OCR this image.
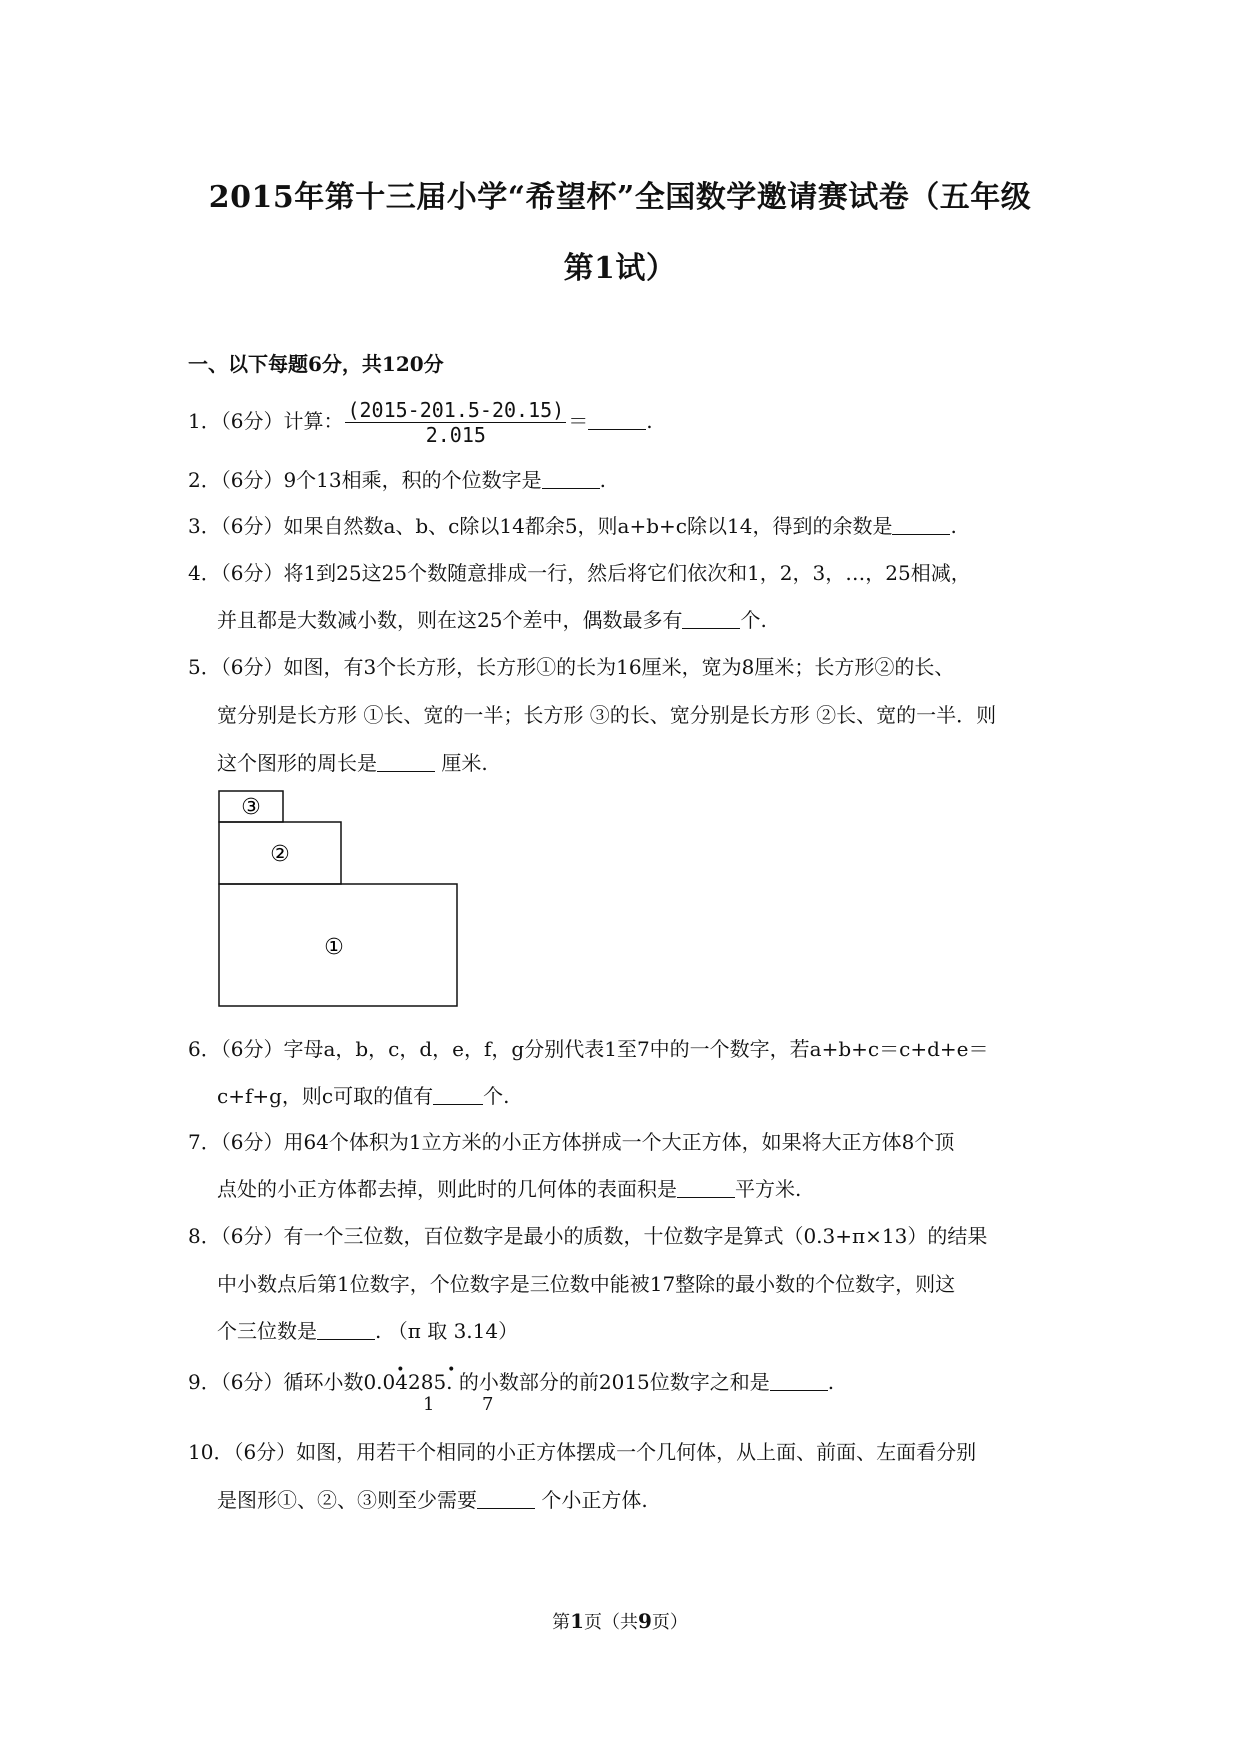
2015年第十三届小学“希望杯”全国数学邀请赛试卷（五年级
第1试）
一、以下每题6分，共120分
1．（6分）计算： $\frac{(2015-201.5-20.15)}{2.015}$ ＝	.
2．（6分）9个13相乘，积的个位数字是	.
3．（6分）如果自然数a、b、c除以14都余5，则a+b+c除以14，得到的余数是	.
4．（6分）将1到25这25个数随意排成一行，然后将它们依次和1，2，3，…，25相减，
并且都是大数减小数，则在这25个差中，偶数最多有	个.
5．（6分）如图，有3个长方形，长方形①的长为16厘米，宽为8厘米；长方形②的长、
宽分别是长方形 ①长、宽的一半；长方形 ③的长、宽分别是长方形 ②长、宽的一半．则
这个图形的周长是	厘米.
③
②
①
6．（6分）字母a，b，c，d，e，f，g分别代表1至7中的一个数字，若a+b+c＝c+d+e＝
c+f+g，则c可取的值有	个.
7．（6分）用64个体积为1立方米的小正方体拼成一个大正方体，如果将大正方体8个顶
点处的小正方体都去掉，则此时的几何体的表面积是	平方米.
8．（6分）有一个三位数，百位数字是最小的质数，十位数字是算式（0.3+π×13）的结果
中小数点后第1位数字，个位数字是三位数中能被17整除的最小数的个位数字，则这
个三位数是	. （π 取 3.14）
9．（6分）循环小数0.04285. 的小数部分的前2015位数字之和是	.
1	7
10．（6分）如图，用若干个相同的小正方体摆成一个几何体，从上面、前面、左面看分别
是图形①、②、③则至少需要	个小正方体.
第1页（共9页）
